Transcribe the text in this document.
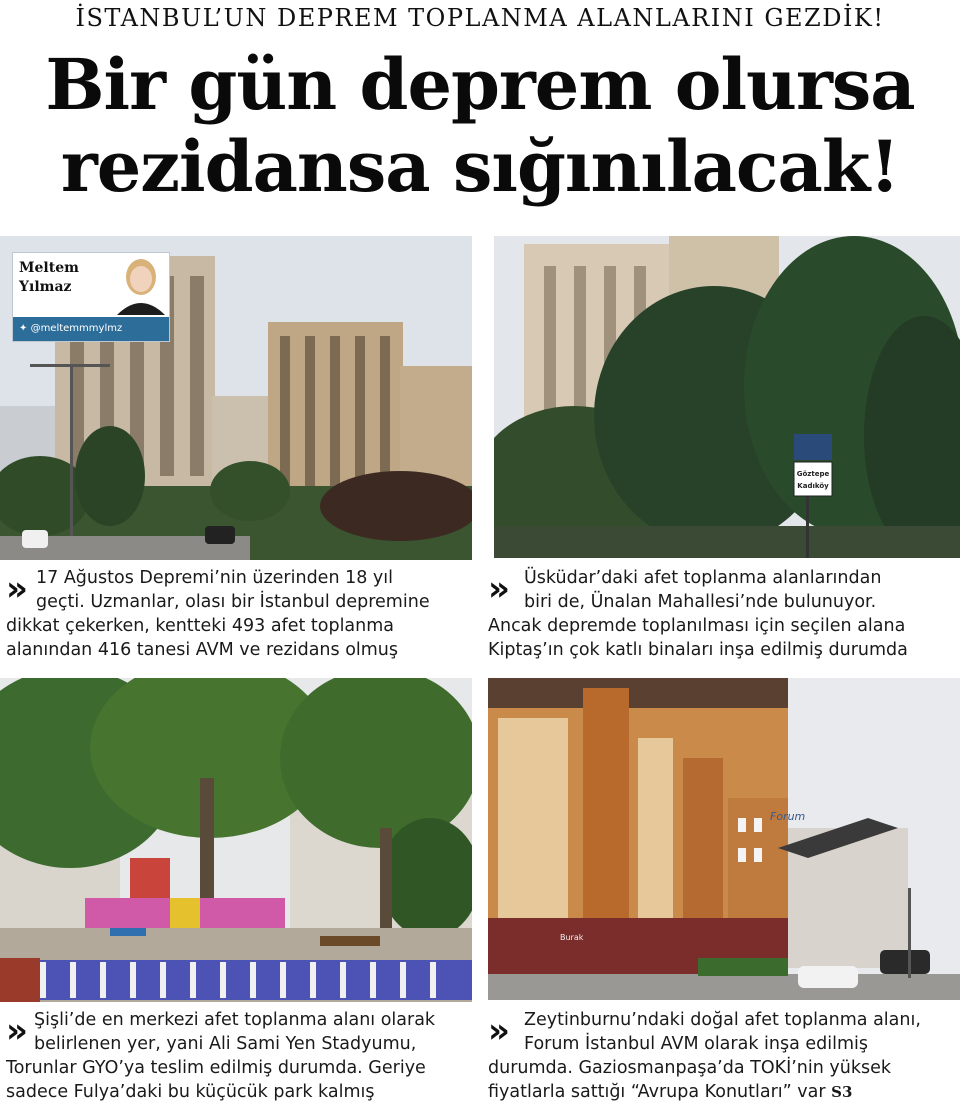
İSTANBUL’UN DEPREM TOPLANMA ALANLARINI GEZDİK!
Bir gün deprem olursa
rezidansa sığınılacak!
Meltem
Yılmaz
✦ @meltemmmylmz
Göztepe
Kadıköy
» 17 Ağustos Depremi’nin üzerinden 18 yıl
geçti. Uzmanlar, olası bir İstanbul depremine
dikkat çekerken, kentteki 493 afet toplanma
alanından 416 tanesi AVM ve rezidans olmuş
»	Üsküdar’daki afet toplanma alanlarından
biri de, Ünalan Mahallesi’nde bulunuyor.
Ancak depremde toplanılması için seçilen alana
Kiptaş’ın çok katlı binaları inşa edilmiş durumda
Forum
Burak
» Şişli’de en merkezi afet toplanma alanı olarak
belirlenen yer, yani Ali Sami Yen Stadyumu,
Torunlar GYO’ya teslim edilmiş durumda. Geriye
sadece Fulya’daki bu küçücük park kalmış
»	Zeytinburnu’ndaki doğal afet toplanma alanı,
Forum İstanbul AVM olarak inşa edilmiş
durumda. Gaziosmanpaşa’da TOKİ’nin yüksek
fiyatlarla sattığı “Avrupa Konutları” var S3
